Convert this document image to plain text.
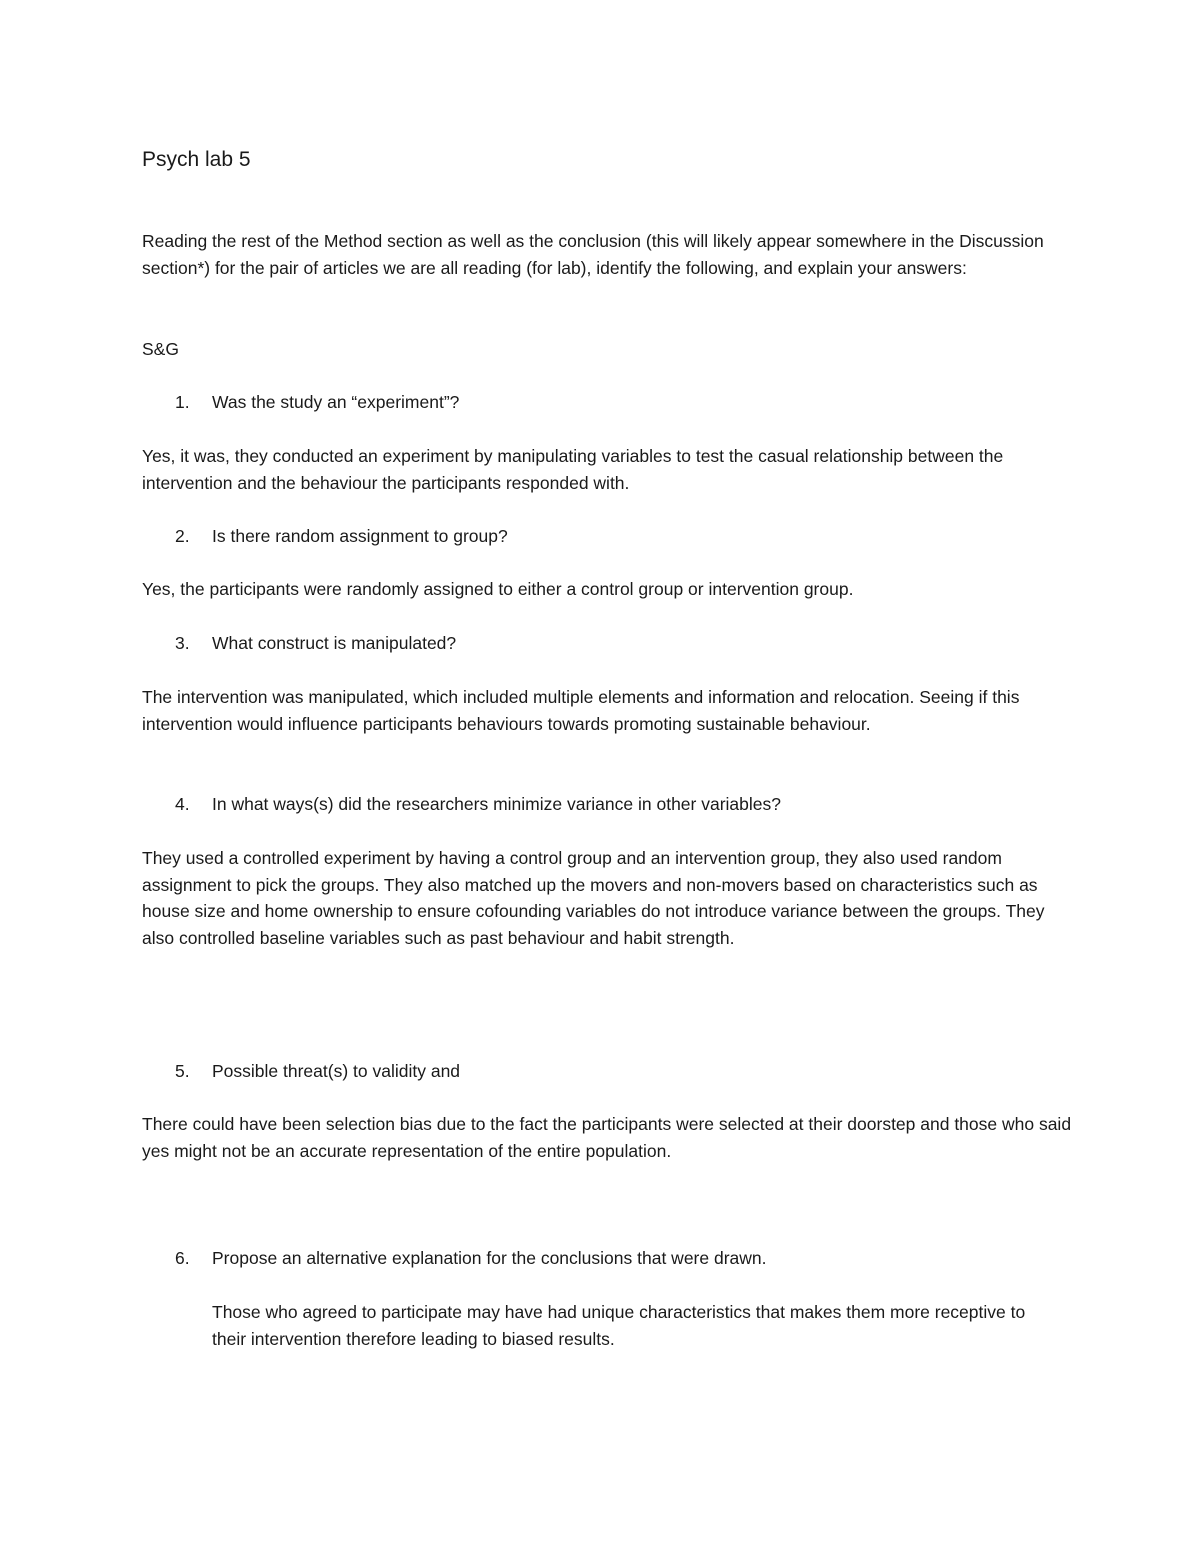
Psych lab 5

Reading the rest of the Method section as well as the conclusion (this will likely appear somewhere in the Discussion section*) for the pair of articles we are all reading (for lab), identify the following, and explain your answers:

S&G

1. Was the study an “experiment”?

Yes, it was, they conducted an experiment by manipulating variables to test the casual relationship between the intervention and the behaviour the participants responded with.

2. Is there random assignment to group?

Yes, the participants were randomly assigned to either a control group or intervention group.

3. What construct is manipulated?

The intervention was manipulated, which included multiple elements and information and relocation. Seeing if this intervention would influence participants behaviours towards promoting sustainable behaviour.

4. In what ways(s) did the researchers minimize variance in other variables?

They used a controlled experiment by having a control group and an intervention group, they also used random assignment to pick the groups. They also matched up the movers and non-movers based on characteristics such as house size and home ownership to ensure cofounding variables do not introduce variance between the groups. They also controlled baseline variables such as past behaviour and habit strength.

5. Possible threat(s) to validity and

There could have been selection bias due to the fact the participants were selected at their doorstep and those who said yes might not be an accurate representation of the entire population.

6. Propose an alternative explanation for the conclusions that were drawn.

Those who agreed to participate may have had unique characteristics that makes them more receptive to their intervention therefore leading to biased results.
